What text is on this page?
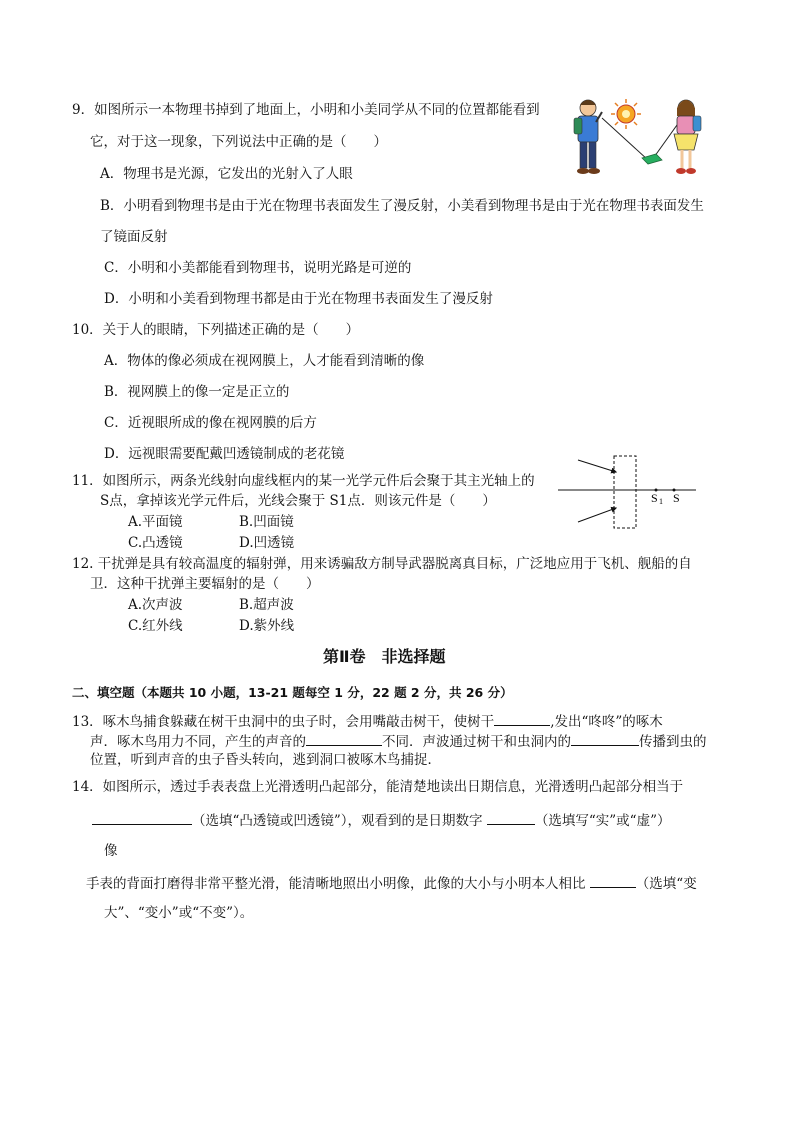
9．如图所示一本物理书掉到了地面上，小明和小美同学从不同的位置都能看到
它，对于这一现象，下列说法中正确的是（　　）
A．物理书是光源，它发出的光射入了人眼
B．小明看到物理书是由于光在物理书表面发生了漫反射，小美看到物理书是由于光在物理书表面发生
了镜面反射
C．小明和小美都能看到物理书，说明光路是可逆的
D．小明和小美看到物理书都是由于光在物理书表面发生了漫反射
10．关于人的眼睛，下列描述正确的是（　　）
A．物体的像必须成在视网膜上，人才能看到清晰的像
B．视网膜上的像一定是正立的
C．近视眼所成的像在视网膜的后方
D．远视眼需要配戴凹透镜制成的老花镜
11．如图所示，两条光线射向虚线框内的某一光学元件后会聚于其主光轴上的
S点，拿掉该光学元件后，光线会聚于 S1点．则该元件是（　　）
A.平面镜	B.凹面镜
C.凸透镜	D.凹透镜
S 1 S
12. 干扰弹是具有较高温度的辐射弹，用来诱骗敌方制导武器脱离真目标，广泛地应用于飞机、舰船的自
卫．这种干扰弹主要辐射的是（　　）
A.次声波	B.超声波
C.红外线	D.紫外线
第Ⅱ卷　非选择题
二、填空题（本题共 10 小题，13-21 题每空 1 分，22 题 2 分，共 26 分）
13．啄木鸟捕食躲藏在树干虫洞中的虫子时，会用嘴敲击树干，使树干	,发出“咚咚”的啄木
声．啄木鸟用力不同，产生的声音的	不同．声波通过树干和虫洞内的	传播到虫的
位置，听到声音的虫子昏头转向，逃到洞口被啄木鸟捕捉．
14．如图所示，透过手表表盘上光滑透明凸起部分，能清楚地读出日期信息，光滑透明凸起部分相当于
（选填“凸透镜或凹透镜”），观看到的是日期数字	（选填写“实”或“虚”）
像
手表的背面打磨得非常平整光滑，能清晰地照出小明像，此像的大小与小明本人相比	（选填“变
大”、“变小”或“不变”）。
